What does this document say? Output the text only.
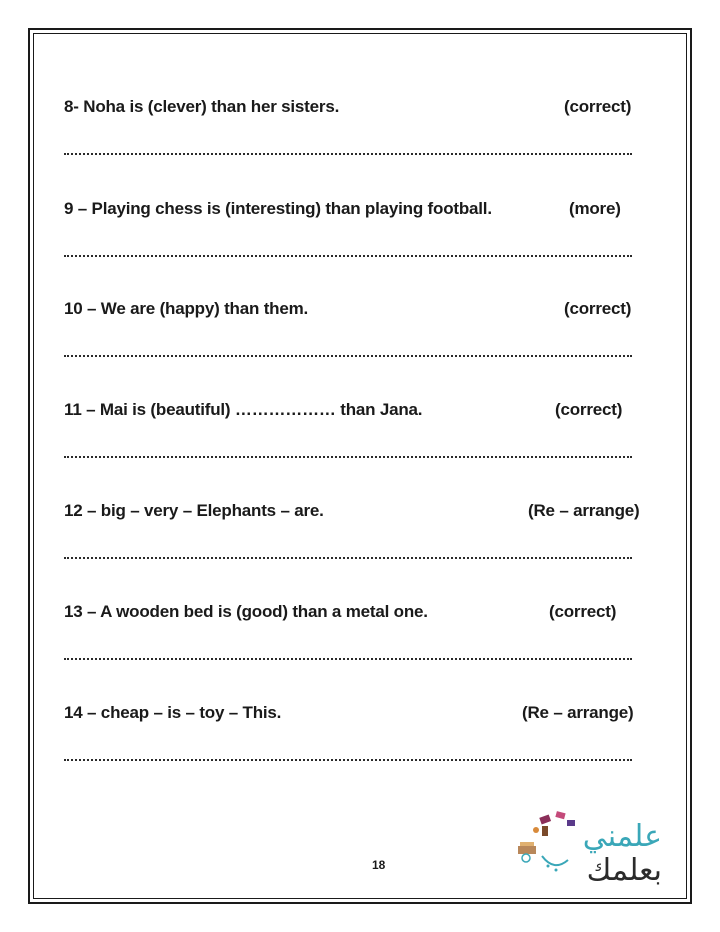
8- Noha is (clever) than her sisters.	(correct)
9 – Playing chess is (interesting) than playing football.	(more)
10 – We are (happy) than them.	(correct)
11 – Mai is (beautiful) ……………… than Jana.	(correct)
12 – big – very – Elephants – are.	(Re – arrange)
13 – A wooden bed is (good) than a metal one.	(correct)
14 – cheap – is – toy – This.	(Re – arrange)
18
علمني
بعلمك
